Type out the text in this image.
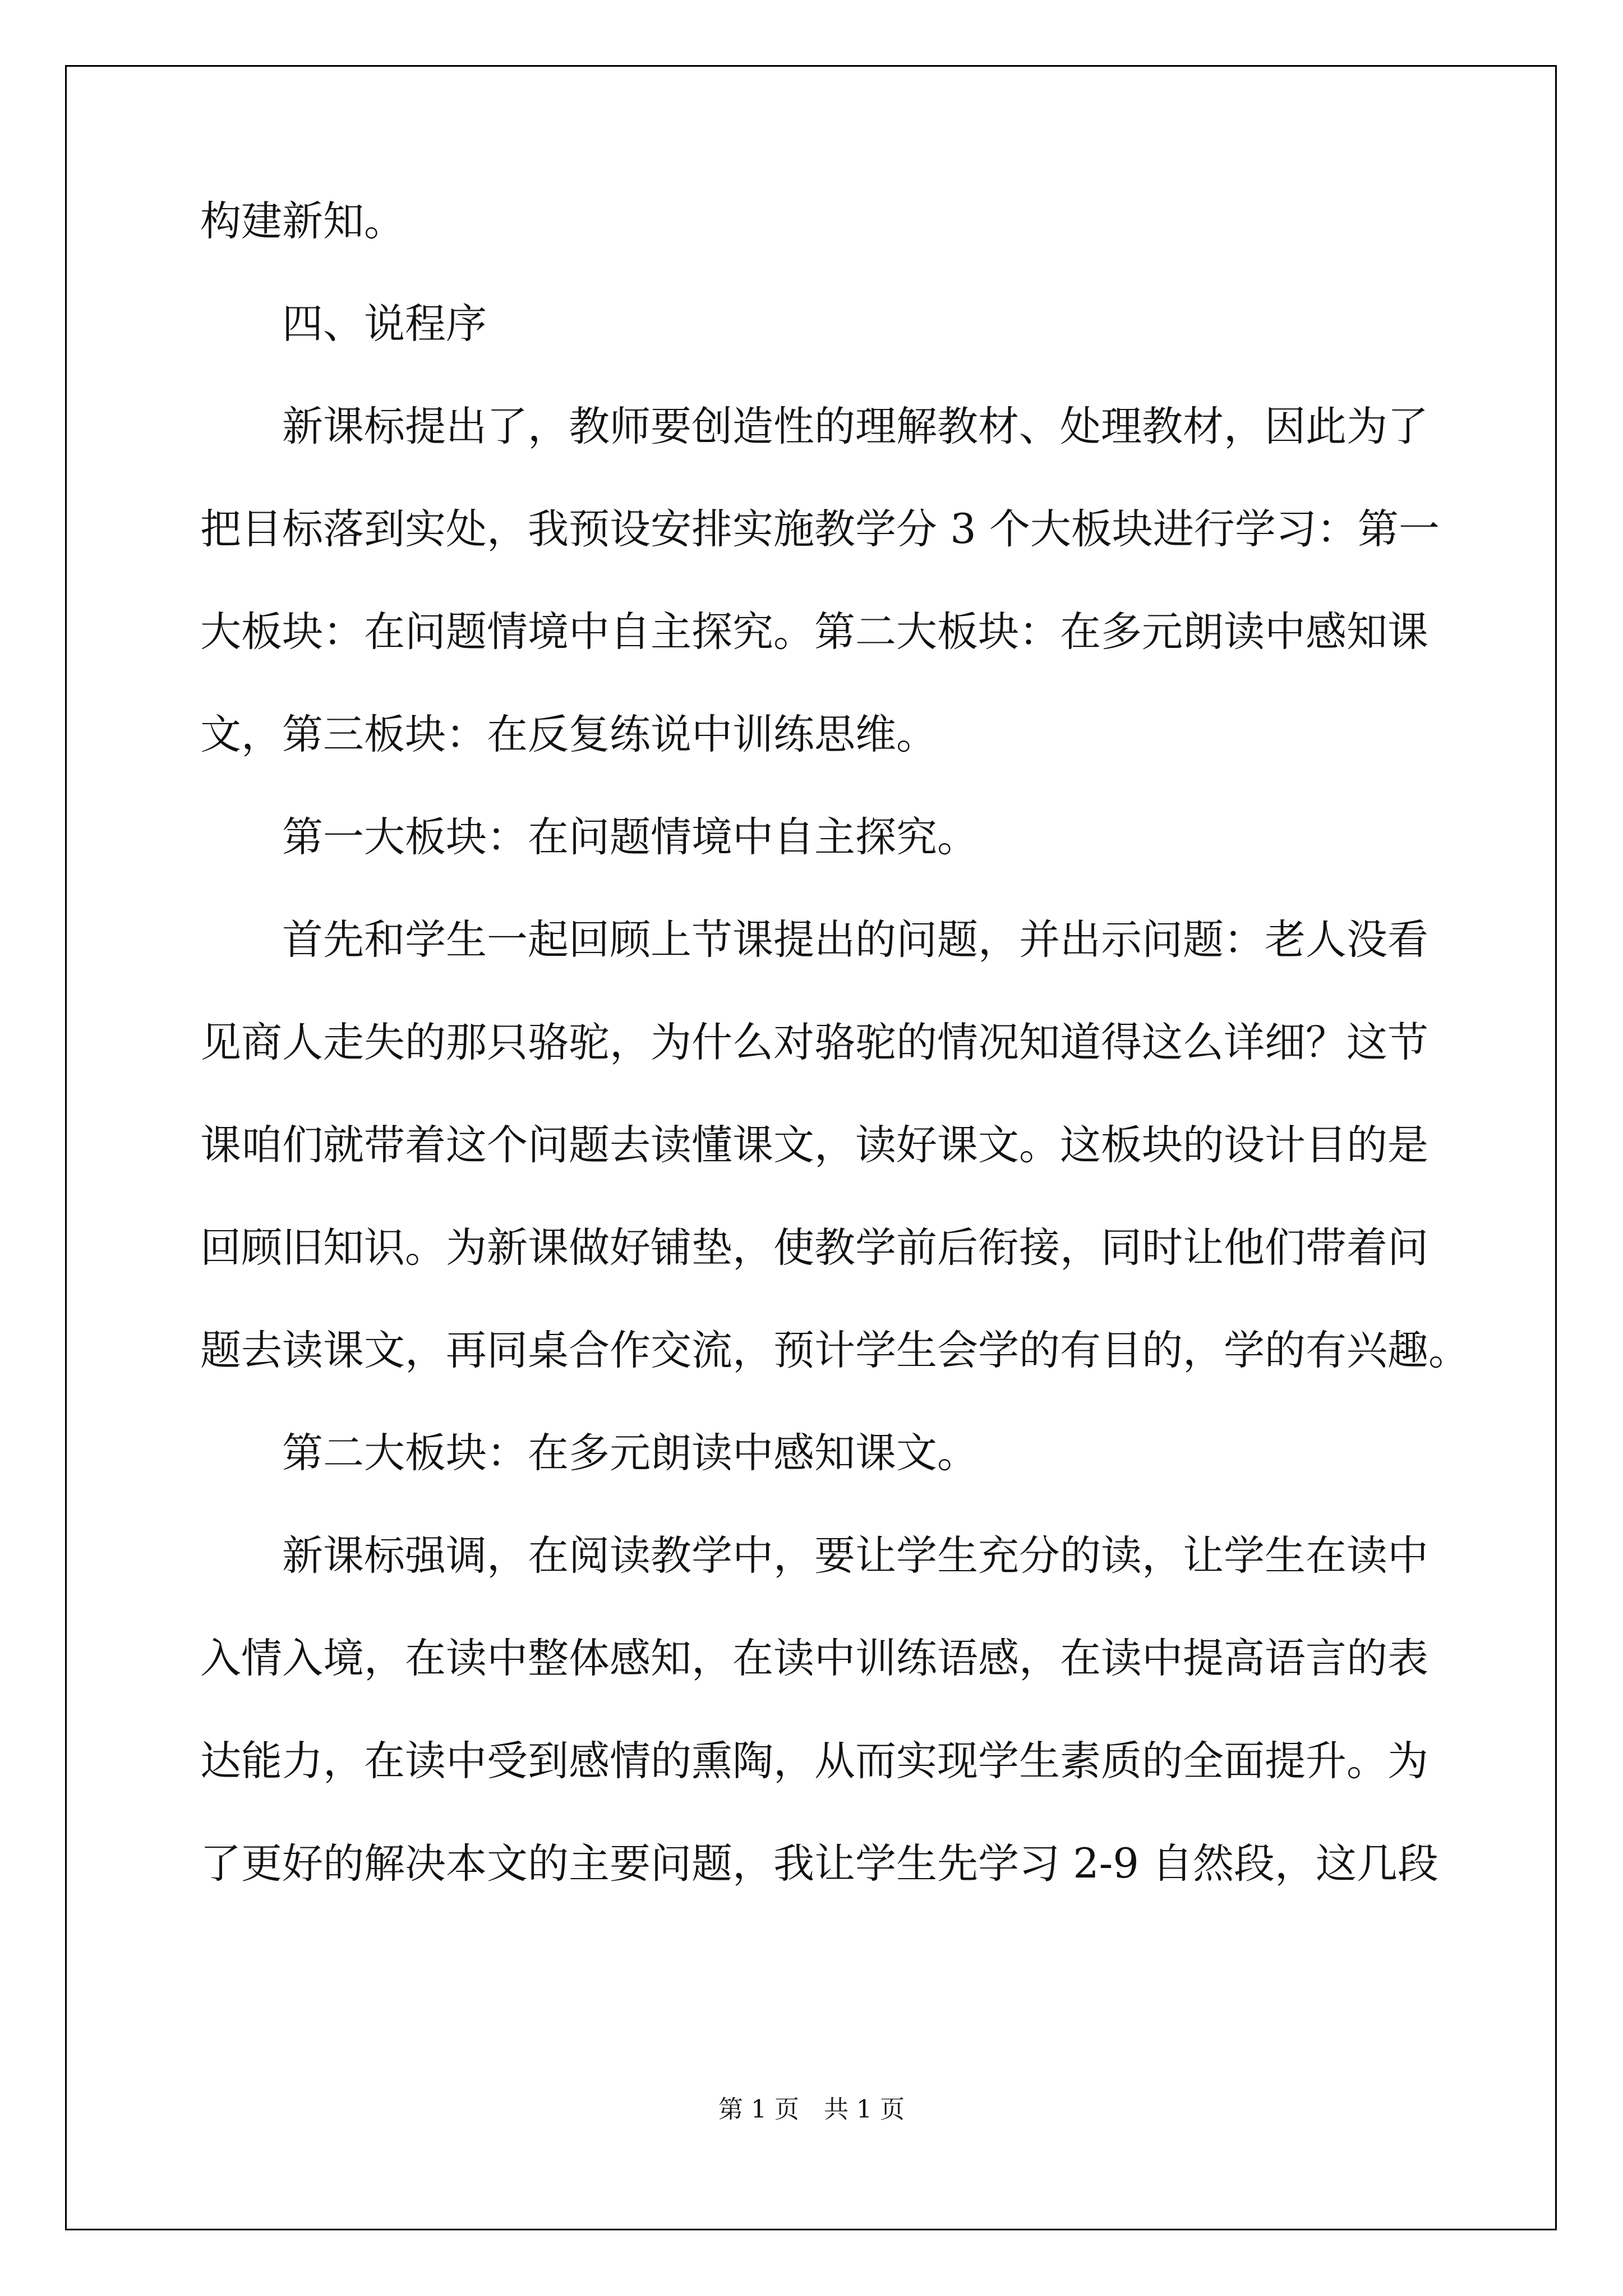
构建新知。
四、说程序
新课标提出了，教师要创造性的理解教材、处理教材，因此为了
把目标落到实处，我预设安排实施教学分 3 个大板块进行学习：第一
大板块：在问题情境中自主探究。第二大板块：在多元朗读中感知课
文，第三板块：在反复练说中训练思维。
第一大板块：在问题情境中自主探究。
首先和学生一起回顾上节课提出的问题，并出示问题：老人没看
见商人走失的那只骆驼，为什么对骆驼的情况知道得这么详细？这节
课咱们就带着这个问题去读懂课文，读好课文。这板块的设计目的是
回顾旧知识。为新课做好铺垫，使教学前后衔接，同时让他们带着问
题去读课文，再同桌合作交流，预计学生会学的有目的，学的有兴趣。
第二大板块：在多元朗读中感知课文。
新课标强调，在阅读教学中，要让学生充分的读，让学生在读中
入情入境，在读中整体感知，在读中训练语感，在读中提高语言的表
达能力，在读中受到感情的熏陶，从而实现学生素质的全面提升。为
了更好的解决本文的主要问题，我让学生先学习 2-9 自然段，这几段
第 1 页　共 1 页
